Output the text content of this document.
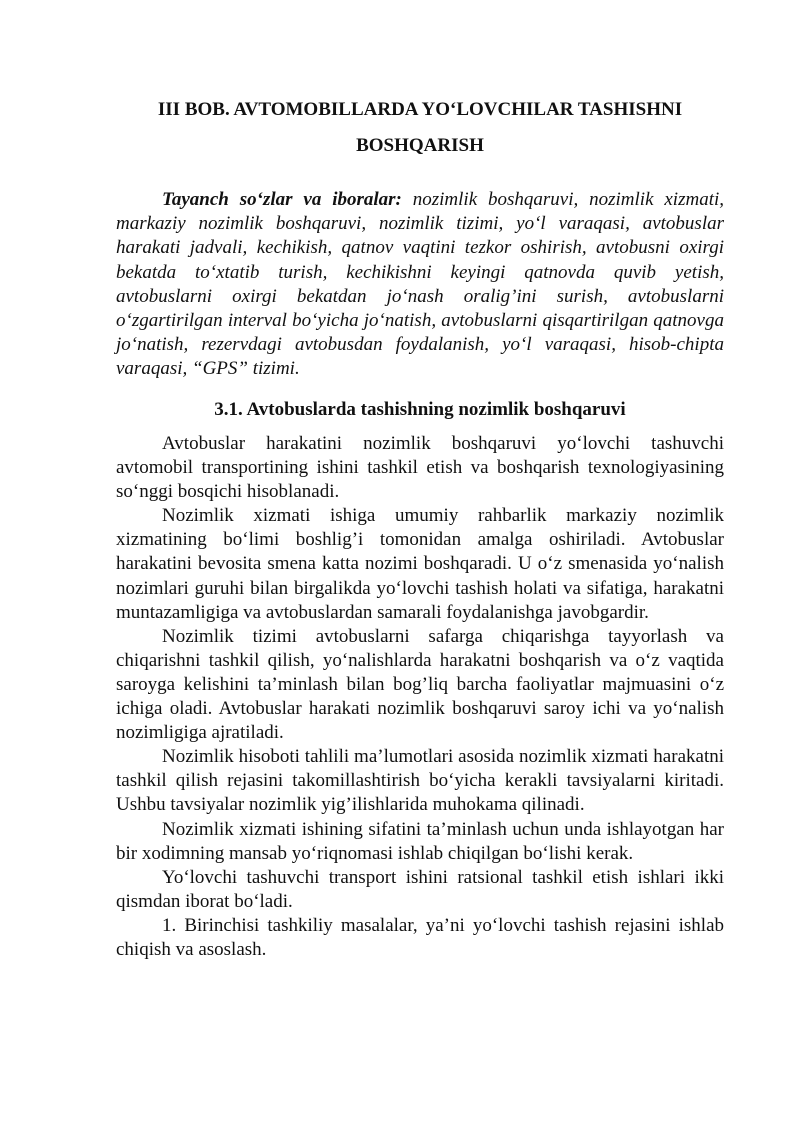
III BOB. AVTOMOBILLARDA YO‘LOVCHILAR TASHISHNI
BOSHQARISH

Tayanch so‘zlar va iboralar: nozimlik boshqaruvi, nozimlik xizmati, markaziy nozimlik boshqaruvi, nozimlik tizimi, yo‘l varaqasi, avtobuslar harakati jadvali, kechikish, qatnov vaqtini tezkor oshirish, avtobusni oxirgi bekatda to‘xtatib turish, kechikishni keyingi qatnovda quvib yetish, avtobuslarni oxirgi bekatdan jo‘nash oralig’ini surish, avtobuslarni o‘zgartirilgan interval bo‘yicha jo‘natish, avtobuslarni qisqartirilgan qatnovga jo‘natish, rezervdagi avtobusdan foydalanish, yo‘l varaqasi, hisob-chipta varaqasi, “GPS” tizimi.

3.1. Avtobuslarda tashishning nozimlik boshqaruvi

Avtobuslar harakatini nozimlik boshqaruvi yo‘lovchi tashuvchi avtomobil transportining ishini tashkil etish va boshqarish texnologiyasining so‘nggi bosqichi hisoblanadi.

Nozimlik xizmati ishiga umumiy rahbarlik markaziy nozimlik xizmatining bo‘limi boshlig’i tomonidan amalga oshiriladi. Avtobuslar harakatini bevosita smena katta nozimi boshqaradi. U o‘z smenasida yo‘nalish nozimlari guruhi bilan birgalikda yo‘lovchi tashish holati va sifatiga, harakatni muntazamligiga va avtobuslardan samarali foydalanishga javobgardir.

Nozimlik tizimi avtobuslarni safarga chiqarishga tayyorlash va chiqarishni tashkil qilish, yo‘nalishlarda harakatni boshqarish va o‘z vaqtida saroyga kelishini ta’minlash bilan bog’liq barcha faoliyatlar majmuasini o‘z ichiga oladi. Avtobuslar harakati nozimlik boshqaruvi saroy ichi va yo‘nalish nozimligiga ajratiladi.

Nozimlik hisoboti tahlili ma’lumotlari asosida nozimlik xizmati harakatni tashkil qilish rejasini takomillashtirish bo‘yicha kerakli tavsiyalarni kiritadi. Ushbu tavsiyalar nozimlik yig’ilishlarida muhokama qilinadi.

Nozimlik xizmati ishining sifatini ta’minlash uchun unda ishlayotgan har bir xodimning mansab yo‘riqnomasi ishlab chiqilgan bo‘lishi kerak.

Yo‘lovchi tashuvchi transport ishini ratsional tashkil etish ishlari ikki qismdan iborat bo‘ladi.

1. Birinchisi tashkiliy masalalar, ya’ni yo‘lovchi tashish rejasini ishlab chiqish va asoslash.
